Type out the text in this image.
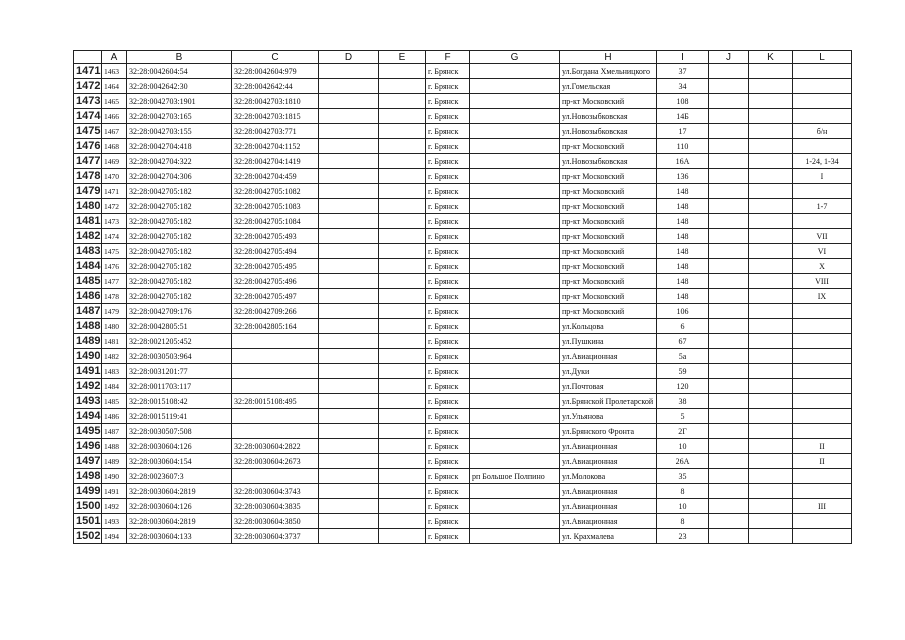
	A	B	C	D	E	F	G	H	I	J	K	L
1471	1463	32:28:0042604:54	32:28:0042604:979			г. Брянск		ул.Богдана Хмельницкого	37			
1472	1464	32:28:0042642:30	32:28:0042642:44			г. Брянск		ул.Гомельская	34			
1473	1465	32:28:0042703:1901	32:28:0042703:1810			г. Брянск		пр-кт Московский	108			
1474	1466	32:28:0042703:165	32:28:0042703:1815			г. Брянск		ул.Новозыбковская	14Б			
1475	1467	32:28:0042703:155	32:28:0042703:771			г. Брянск		ул.Новозыбковская	17			б/н
1476	1468	32:28:0042704:418	32:28:0042704:1152			г. Брянск		пр-кт Московский	110			
1477	1469	32:28:0042704:322	32:28:0042704:1419			г. Брянск		ул.Новозыбковская	16А			1-24, 1-34
1478	1470	32:28:0042704:306	32:28:0042704:459			г. Брянск		пр-кт Московский	136			I
1479	1471	32:28:0042705:182	32:28:0042705:1082			г. Брянск		пр-кт Московский	148			
1480	1472	32:28:0042705:182	32:28:0042705:1083			г. Брянск		пр-кт Московский	148			1-7
1481	1473	32:28:0042705:182	32:28:0042705:1084			г. Брянск		пр-кт Московский	148			
1482	1474	32:28:0042705:182	32:28:0042705:493			г. Брянск		пр-кт Московский	148			VII
1483	1475	32:28:0042705:182	32:28:0042705:494			г. Брянск		пр-кт Московский	148			VI
1484	1476	32:28:0042705:182	32:28:0042705:495			г. Брянск		пр-кт Московский	148			X
1485	1477	32:28:0042705:182	32:28:0042705:496			г. Брянск		пр-кт Московский	148			VIII
1486	1478	32:28:0042705:182	32:28:0042705:497			г. Брянск		пр-кт Московский	148			IX
1487	1479	32:28:0042709:176	32:28:0042709:266			г. Брянск		пр-кт Московский	106			
1488	1480	32:28:0042805:51	32:28:0042805:164			г. Брянск		ул.Кольцова	6			
1489	1481	32:28:0021205:452				г. Брянск		ул.Пушкина	67			
1490	1482	32:28:0030503:964				г. Брянск		ул.Авиационная	5а			
1491	1483	32:28:0031201:77				г. Брянск		ул.Дуки	59			
1492	1484	32:28:0011703:117				г. Брянск		ул.Почтовая	120			
1493	1485	32:28:0015108:42	32:28:0015108:495			г. Брянск		ул.Брянской Пролетарской	38			
1494	1486	32:28:0015119:41				г. Брянск		ул.Ульянова	5			
1495	1487	32:28:0030507:508				г. Брянск		ул.Брянского Фронта	2Г			
1496	1488	32:28:0030604:126	32:28:0030604:2822			г. Брянск		ул.Авиационная	10			II
1497	1489	32:28:0030604:154	32:28:0030604:2673			г. Брянск		ул.Авиационная	26А			II
1498	1490	32:28:0023607:3				г. Брянск	рп Большое Полпино	ул.Молокова	35			
1499	1491	32:28:0030604:2819	32:28:0030604:3743			г. Брянск		ул.Авиационная	8			
1500	1492	32:28:0030604:126	32:28:0030604:3835			г. Брянск		ул.Авиационная	10			III
1501	1493	32:28:0030604:2819	32:28:0030604:3850			г. Брянск		ул.Авиационная	8			
1502	1494	32:28:0030604:133	32:28:0030604:3737			г. Брянск		ул. Крахмалева	23			
